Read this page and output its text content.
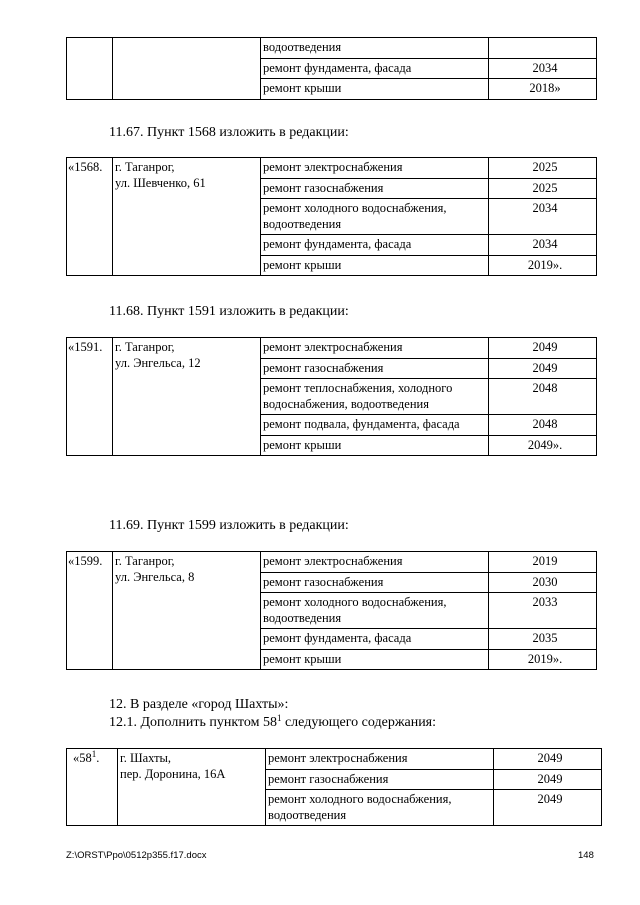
		водоотведения	
		ремонт фундамента, фасада	2034
		ремонт крыши	2018»
11.67. Пункт 1568 изложить в редакции:
«1568.	г. Таганрог,
ул. Шевченко, 61	ремонт электроснабжения	2025
		ремонт газоснабжения	2025
		ремонт холодного водоснабжения, водоотведения	2034
		ремонт фундамента, фасада	2034
		ремонт крыши	2019».
11.68. Пункт 1591 изложить в редакции:
«1591.	г. Таганрог,
ул. Энгельса, 12	ремонт электроснабжения	2049
		ремонт газоснабжения	2049
		ремонт теплоснабжения, холодного водоснабжения, водоотведения	2048
		ремонт подвала, фундамента, фасада	2048
		ремонт крыши	2049».
11.69. Пункт 1599 изложить в редакции:
«1599.	г. Таганрог,
ул. Энгельса, 8	ремонт электроснабжения	2019
		ремонт газоснабжения	2030
		ремонт холодного водоснабжения, водоотведения	2033
		ремонт фундамента, фасада	2035
		ремонт крыши	2019».
12. В разделе «город Шахты»:
12.1. Дополнить пунктом $58^1$ следующего содержания:
«$58^1$.	г. Шахты,
пер. Доронина, 16А	ремонт электроснабжения	2049
		ремонт газоснабжения	2049
		ремонт холодного водоснабжения, водоотведения	2049
Z:\ORST\Ppo\0512p355.f17.docx	148
